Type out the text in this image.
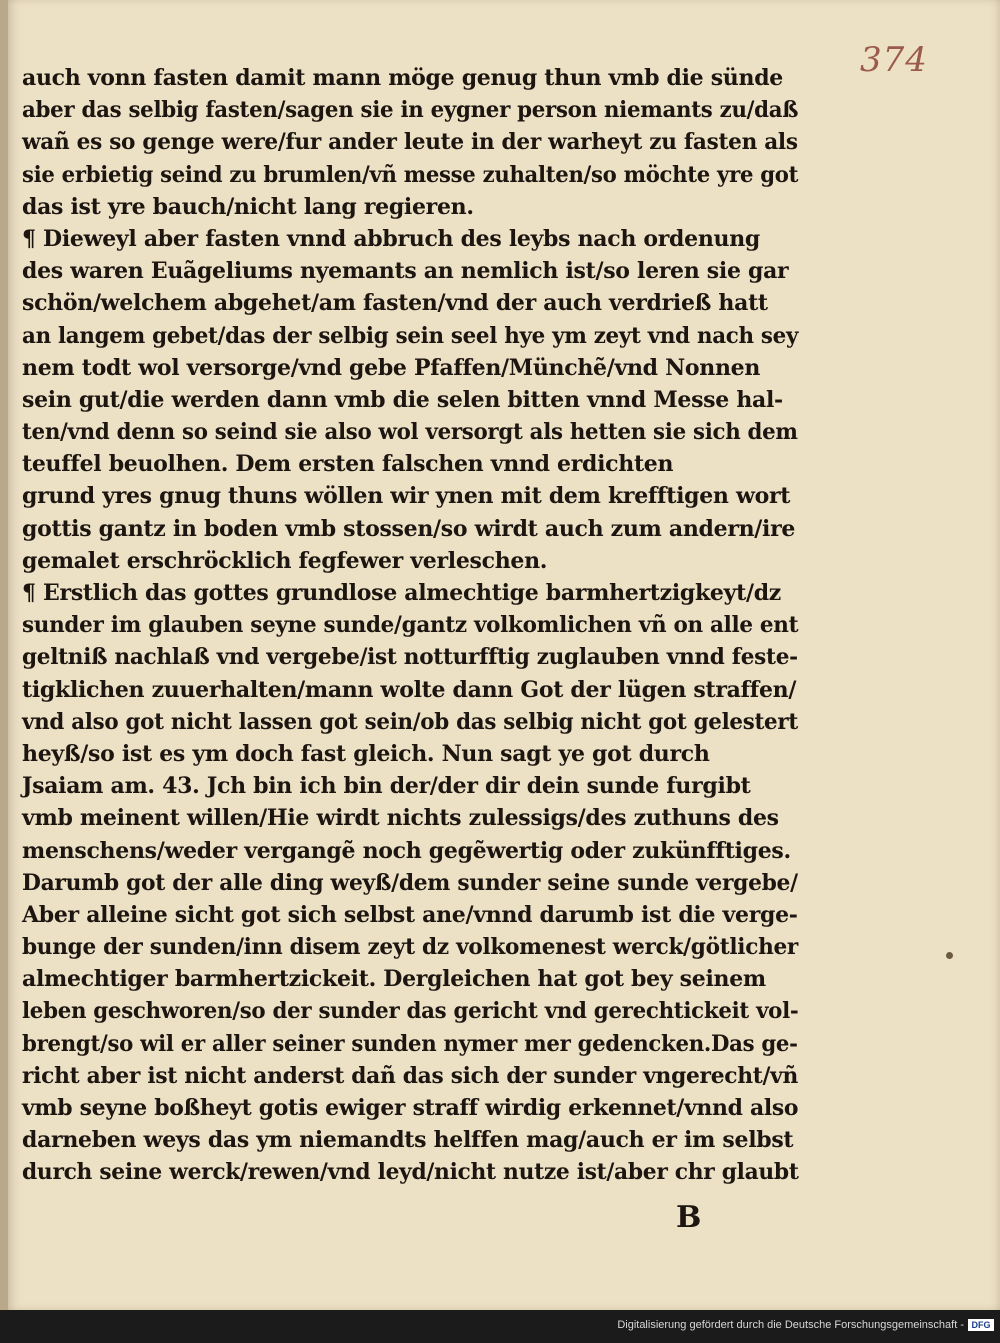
374
auch vonn fasten damit mann möge genug thun vmb die sünde
aber das selbig fasten/sagen sie in eygner person niemants zu/daß
wañ es so genge were/fur ander leute in der warheyt zu fasten als
sie erbietig seind zu brumlen/vñ messe zuhalten/so möchte yre got
das ist yre bauch/nicht lang regieren.
¶ Dieweyl aber fasten vnnd abbruch des leybs nach ordenung
des waren Euãgeliums nyemants an nemlich ist/so leren sie gar
schön/welchem abgehet/am fasten/vnd der auch verdrieß hatt
an langem gebet/das der selbig sein seel hye ym zeyt vnd nach sey
nem todt wol versorge/vnd gebe Pfaffen/Münchẽ/vnd Nonnen
sein gut/die werden dann vmb die selen bitten vnnd Messe hal-
ten/vnd denn so seind sie also wol versorgt als hetten sie sich dem
teuffel beuolhen. Dem ersten falschen vnnd erdichten
grund yres gnug thuns wöllen wir ynen mit dem krefftigen wort
gottis gantz in boden vmb stossen/so wirdt auch zum andern/ire
gemalet erschröcklich fegfewer verleschen.
¶ Erstlich das gottes grundlose almechtige barmhertzigkeyt/dz
sunder im glauben seyne sunde/gantz volkomlichen vñ on alle ent
geltniß nachlaß vnd vergebe/ist notturfftig zuglauben vnnd feste-
tigklichen zuuerhalten/mann wolte dann Got der lügen straffen/
vnd also got nicht lassen got sein/ob das selbig nicht got gelestert
heyß/so ist es ym doch fast gleich. Nun sagt ye got durch
Jsaiam am. 43. Jch bin ich bin der/der dir dein sunde furgibt
vmb meinent willen/Hie wirdt nichts zulessigs/des zuthuns des
menschens/weder vergangẽ noch gegẽwertig oder zukünfftiges.
Darumb got der alle ding weyß/dem sunder seine sunde vergebe/
Aber alleine sicht got sich selbst ane/vnnd darumb ist die verge-
bunge der sunden/inn disem zeyt dz volkomenest werck/götlicher
almechtiger barmhertzickeit. Dergleichen hat got bey seinem
leben geschworen/so der sunder das gericht vnd gerechtickeit vol-
brengt/so wil er aller seiner sunden nymer mer gedencken.Das ge-
richt aber ist nicht anderst dañ das sich der sunder vngerecht/vñ
vmb seyne boßheyt gotis ewiger straff wirdig erkennet/vnnd also
darneben weys das ym niemandts helffen mag/auch er im selbst
durch seine werck/rewen/vnd leyd/nicht nutze ist/aber chr glaubt
B
Digitalisierung gefördert durch die Deutsche Forschungsgemeinschaft - DFG
